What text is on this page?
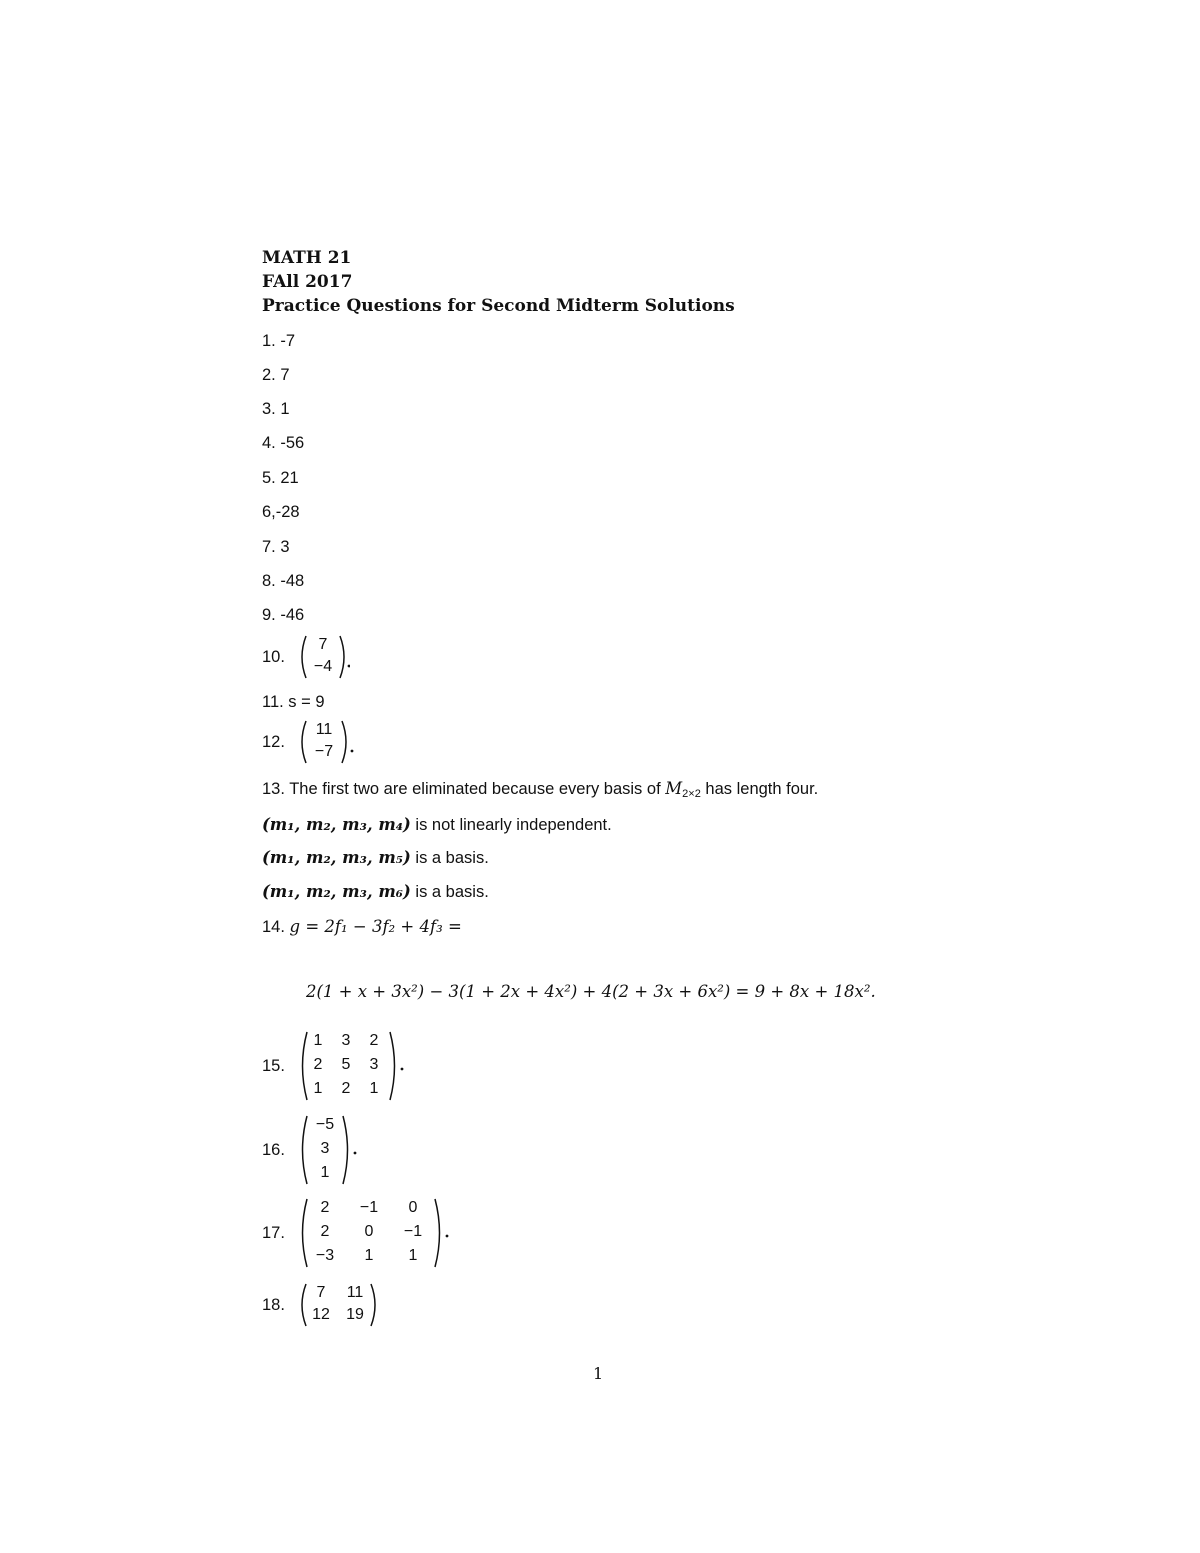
MATH 21
FAll 2017
Practice Questions for Second Midterm Solutions
1. -7
2. 7
3. 1
4. -56
5. 21
6,-28
7. 3
8. -48
9. -46
10.
7
−4
11. s = 9
12.
11
−7
13. The first two are eliminated because every basis of $M_{2\times 2}$ has length four.
(m₁, m₂, m₃, m₄) is not linearly independent.
(m₁, m₂, m₃, m₅) is a basis.
(m₁, m₂, m₃, m₆) is a basis.
14. g = 2f₁ − 3f₂ + 4f₃ =
2(1 + x + 3x²) − 3(1 + 2x + 4x²) + 4(2 + 3x + 6x²) = 9 + 8x + 18x².
15.
1	3	2
2	5	3
1	2	1
16.
−5
3
1
17.
2	−1	0
2	0	−1
−3	1	1
18.
7	11
12	19
1
